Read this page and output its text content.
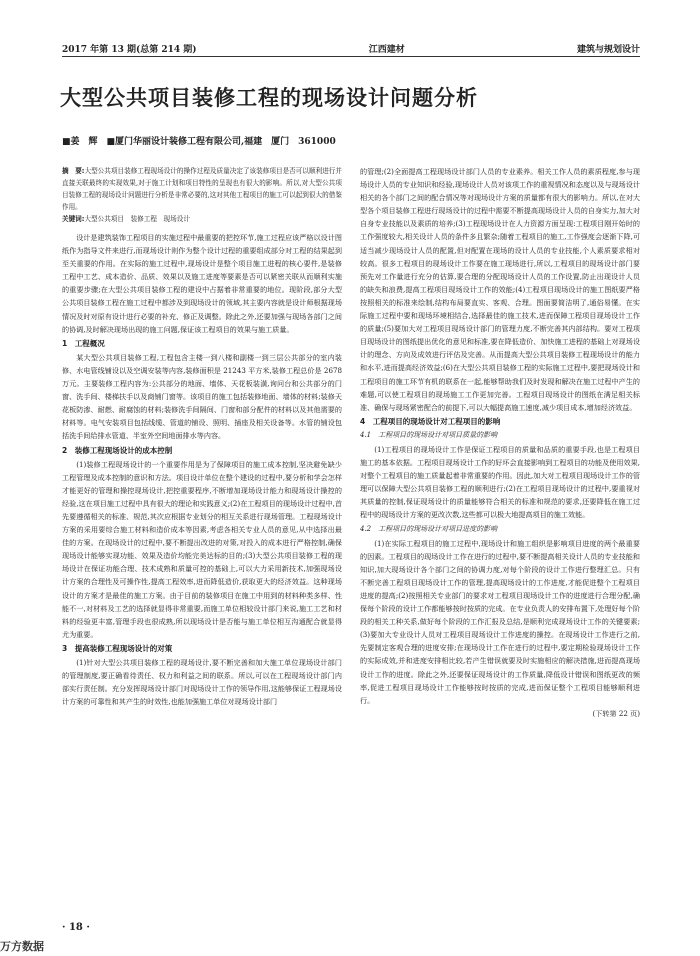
2017 年第 13 期(总第 214 期)	江西建材	建筑与规划设计
大型公共项目装修工程的现场设计问题分析
■姜　辉　■厦门华丽设计装修工程有限公司,福建　厦门　361000
摘　要:大型公共项目装修工程现场设计的操作过程及质量决定了该装修项目是否可以顺利进行并直接关联最终的实现效果,对于施工计划和项目特性的呈现也有很大的影响。所以,对大型公共项目装修工程的现场设计问题进行分析是非常必要的,这对其他工程项目的施工可以起到很大的借鉴作用。
关键词:大型公共项目　装修工程　现场设计
设计是建筑装饰工程项目的实施过程中最重要的把控环节,施工过程应该严格以设计图纸作为指导文件来进行,而现场设计则作为整个设计过程的重要组成部分对工程的结果起到至关重要的作用。在实际的施工过程中,现场设计是整个项目施工进程的核心要件,是装修工程中工艺、成本造价、品质、效果以及施工进度等要素是否可以紧密关联从而顺利实施的重要步骤;在大型公共项目装修工程的建设中占据着非常重要的地位。现阶段,部分大型公共项目装修工程在施工过程中都涉及到现场设计的领域,其主要内容就是设计师根据现场情况及时对原有设计进行必要的补充、修正及调整。除此之外,还要加强与现场各部门之间的协调,及时解决现场出现的施工问题,保证该工程项目的效果与施工质量。
1　工程概况
某大型公共项目装修工程,工程包含主楼一到八楼和副楼一到三层公共部分的室内装修、水电管线铺设以及空调安装等内容,装修面积是 21243 平方米,装修工程总价是 2678 万元。主要装修工程内容为:公共部分的地面、墙体、天花板装潢,询问台和公共部分的门窗、洗手间、楼梯扶手以及商铺门窗等。该项目的施工包括装修地面、墙体的材料;装修天花板防渗、耐燃、耐腐蚀的材料;装修洗手间隔间、门窗和部分配件的材料以及其他需要的材料等。电气安装项目包括线缆、管道的铺设、照明、插座及相关设备等。水管的铺设包括洗手间给排水管道、半室外空间地面排水等内容。
2　装修工程现场设计的成本控制
(1)装修工程现场设计的一个重要作用是为了保障项目的施工成本控制,坚决避免缺少工程管理及成本控制的意识和方法。项目设计单位在整个建设的过程中,要分析和学会怎样才能更好的管理和操控现场设计,把控重要程序,不断增加现场设计能力和现场设计操控的经验,这在项目施工过程中具有很大的理论和实践意义;(2)在工程项目的现场设计过程中,首先要遵循相关的标准、规范,其次应根据专业划分的相互关系进行现场管理。工程现场设计方案的采用要综合施工材料和造价成本等因素,考虑各相关专业人员的意见,从中选择出最佳的方案。在现场设计的过程中,要不断提出改进的对策,对投入的成本进行严格控制,确保现场设计能够实现功能、效果及造价均能完美达标的目的;(3)大型公共项目装修工程的现场设计在保证功能合理、技术成熟和质量可控的基础上,可以大力采用新技术,加强现场设计方案的合理性及可操作性,提高工程效率,进而降低造价,获取更大的经济效益。这种现场设计的方案才是最佳的施工方案。由于目前的装修项目在施工中用到的材料种类多样、性能不一,对材料及工艺的选择就显得非常重要,而施工单位相较设计部门来说,施工工艺和材料的经验更丰富,管理手段也很成熟,所以现场设计是否能与施工单位相互沟通配合就显得尤为重要。
3　提高装修工程现场设计的对策
(1)针对大型公共项目装修工程的现场设计,要不断完善和加大施工单位现场设计部门的管理制度,要正确看待责任、权力和利益之间的联系。所以,可以在工程现场设计部门内部实行责任制。充分发挥现场设计部门对现场设计工作的领导作用,这能够保证工程现场设计方案的可靠性和其产生的时效性,也能加强施工单位对现场设计部门
的管理;(2)全面提高工程现场设计部门人员的专业素养。相关工作人员的素质程度,参与现场设计人员的专业知识和经验,现场设计人员对该项工作的重视情况和态度以及与现场设计相关的各个部门之间的配合情况等对现场设计方案的质量都有很大的影响力。所以,在对大型各个项目装修工程进行现场设计的过程中需要不断提高现场设计人员的自身实力,加大对自身专业技能以及素质的培养;(3)工程现场设计在人力资源方面呈现:工程项目刚开始时的工作强度较大,相关设计人员的条件多且繁杂;随着工程项目的施工,工作强度会逐渐下降,可适当减少现场设计人员的配置,但对配置在现场的设计人员的专业技能,个人素质要求相对较高。很多工程项目的现场设计工作要在施工现场进行,所以,工程项目的现场设计部门要预先对工作量进行充分的估算,要合理的分配现场设计人员的工作设置,防止出现设计人员的缺失和浪费,提高工程项目现场设计工作的效能;(4)工程项目现场设计的施工图纸要严格按照相关的标准来绘制,结构布局要直实、客观、合理。图面要简洁明了,通俗易懂。在实际施工过程中要和现场环境相结合,选择最佳的施工技术,进而保障工程项目现场设计工作的质量;(5)要加大对工程项目现场设计部门的管理力度,不断完善其内部结构。要对工程项目现场设计的图纸提出优化的意见和标准,要在降低造价、加快施工进程的基础上对现场设计的理念、方向及成效进行评估及完善。从而提高大型公共项目装修工程现场设计的能力和水平,进而提高经济效益;(6)在大型公共项目装修工程的实际施工过程中,要把现场设计和工程项目的施工环节有机的联系在一起,能够帮助我们及时发现和解决在施工过程中产生的难题,可以使工程项目的现场施工工作更加完善。工程项目现场设计的图纸在满足相关标准、确保与现场紧密配合的前提下,可以大幅提高施工速度,减少项目成本,增加经济效益。
4　工程项目的现场设计对工程项目的影响
4.1　工程项目的现场设计对项目质量的影响
(1)工程项目的现场设计工作是保证工程项目的质量和品质的重要手段,也是工程项目施工的基本依据。工程项目现场设计工作的好坏会直接影响到工程项目的功能及使用效果,对整个工程项目的施工质量起着非常重要的作用。因此,加大对工程项目现场设计工作的管理可以保障大型公共项目装修工程的顺利进行;(2)在工程项目现场设计的过程中,要重视对其质量的控制,保证现场设计的质量能够符合相关的标准和规范的要求,还要降低在施工过程中的现场设计方案的更改次数,这些都可以极大地提高项目的施工效能。
4.2　工程项目的现场设计对项目进度的影响
(1)在实际工程项目的施工过程中,现场设计和施工组织是影响项目进度的两个最重要的因素。工程项目的现场设计工作在进行的过程中,要不断提高相关设计人员的专业技能和知识,加大现场设计各个部门之间的协调力度,对每个阶段的设计工作进行整理汇总。只有不断完善工程项目现场设计工作的管理,提高现场设计的工作进度,才能促进整个工程项目进度的提高;(2)按照相关专业部门的要求对工程项目现场设计工作的进度进行合理分配,确保每个阶段的设计工作都能够按时按质的完成。在专业负责人的安排布置下,处理好每个阶段的相关工种关系,做好每个阶段的工作汇报及总结,是顺利完成现场设计工作的关键要素;(3)要加大专业设计人员对工程项目现场设计工作进度的操控。在现场设计工作进行之前,先要制定客观合理的进度安排;在现场设计工作在进行的过程中,要定期检验现场设计工作的实际成效,并和进度安排相比较,若产生错误就要及时实施相应的解决措施,进而提高现场设计工作的进度。除此之外,还要保证现场设计的工作质量,降低设计错误和图纸更改的频率,促进工程项目现场设计工作能够按时按质的完成,进而保证整个工程项目能够顺利进行。
(下转第 22 页)
· 18 ·
万方数据
